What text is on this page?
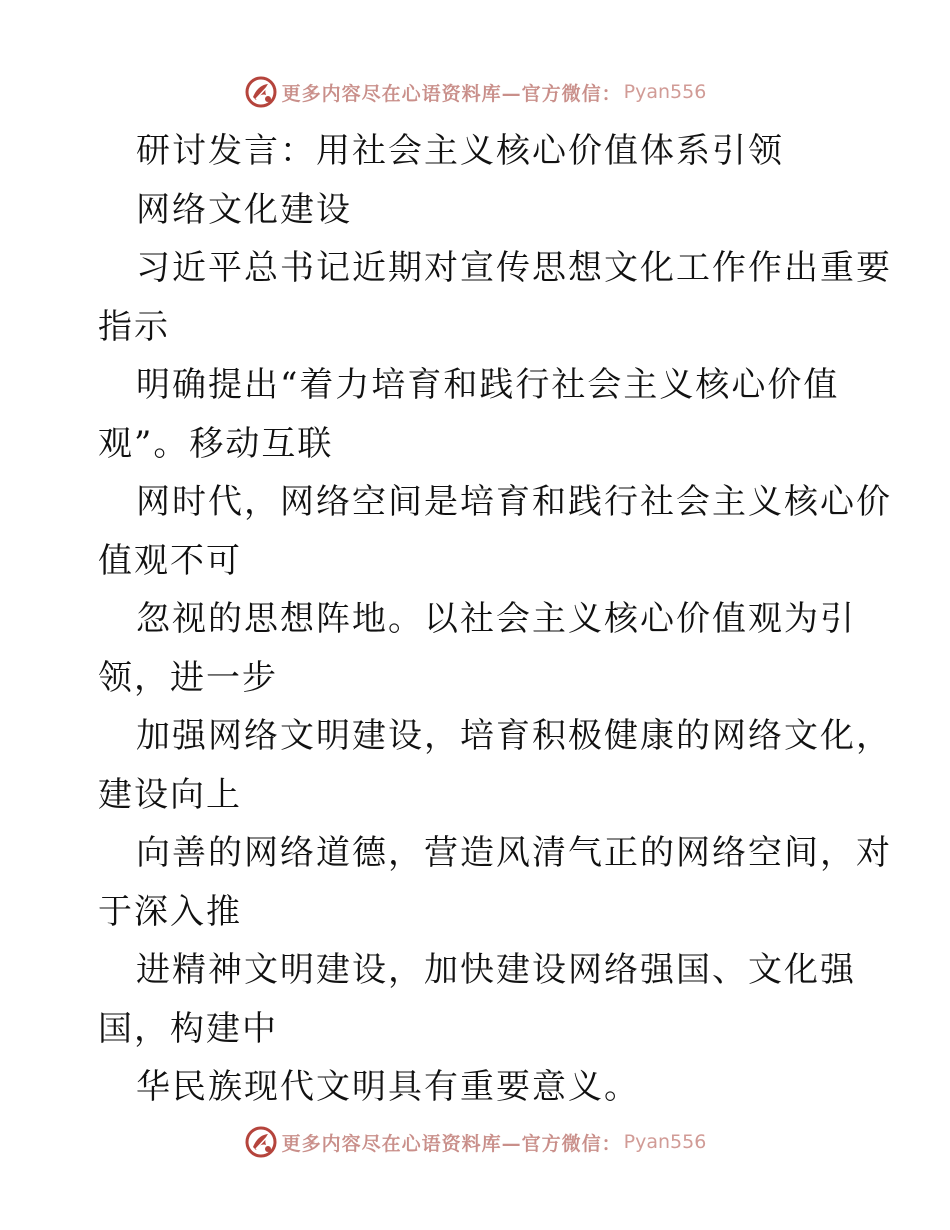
更多内容尽在心语资料库—官方微信： Pyan556
研讨发言：用社会主义核心价值体系引领
网络文化建设
习近平总书记近期对宣传思想文化工作作出重要
指示
明确提出“着力培育和践行社会主义核心价值
观”。移动互联
网时代，网络空间是培育和践行社会主义核心价
值观不可
忽视的思想阵地。以社会主义核心价值观为引
领，进一步
加强网络文明建设，培育积极健康的网络文化，
建设向上
向善的网络道德，营造风清气正的网络空间，对
于深入推
进精神文明建设，加快建设网络强国、文化强
国，构建中
华民族现代文明具有重要意义。
更多内容尽在心语资料库—官方微信： Pyan556
